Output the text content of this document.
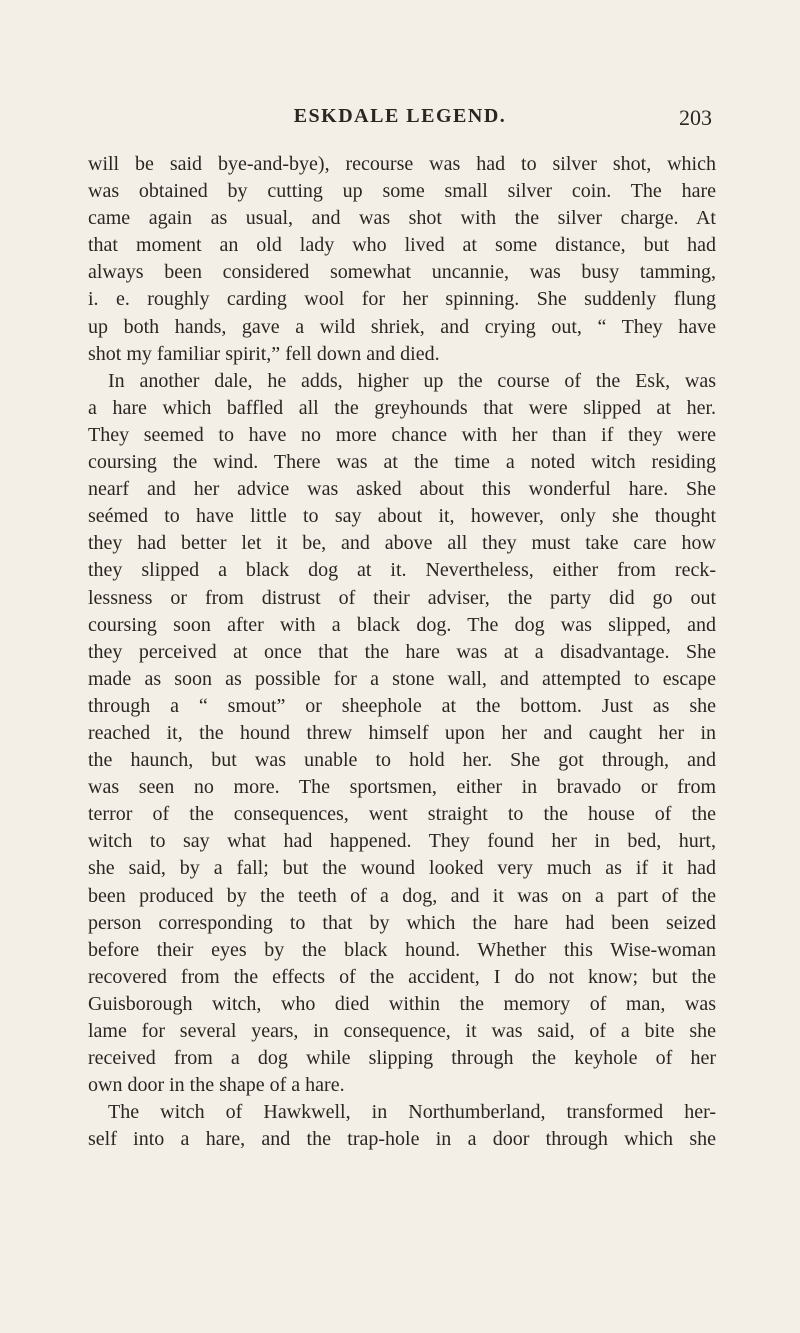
ESKDALE LEGEND.	203
will be said bye-and-bye), recourse was had to silver shot, which
was obtained by cutting up some small silver coin. The hare
came again as usual, and was shot with the silver charge. At
that moment an old lady who lived at some distance, but had
always been considered somewhat uncannie, was busy tamming,
i. e. roughly carding wool for her spinning. She suddenly flung
up both hands, gave a wild shriek, and crying out, “ They have
shot my familiar spirit,” fell down and died.
In another dale, he adds, higher up the course of the Esk, was
a hare which baffled all the greyhounds that were slipped at her.
They seemed to have no more chance with her than if they were
coursing the wind. There was at the time a noted witch residing
nearf and her advice was asked about this wonderful hare. She
seémed to have little to say about it, however, only she thought
they had better let it be, and above all they must take care how
they slipped a black dog at it. Nevertheless, either from reck-
lessness or from distrust of their adviser, the party did go out
coursing soon after with a black dog. The dog was slipped, and
they perceived at once that the hare was at a disadvantage. She
made as soon as possible for a stone wall, and attempted to escape
through a “ smout” or sheephole at the bottom. Just as she
reached it, the hound threw himself upon her and caught her in
the haunch, but was unable to hold her. She got through, and
was seen no more. The sportsmen, either in bravado or from
terror of the consequences, went straight to the house of the
witch to say what had happened. They found her in bed, hurt,
she said, by a fall; but the wound looked very much as if it had
been produced by the teeth of a dog, and it was on a part of the
person corresponding to that by which the hare had been seized
before their eyes by the black hound. Whether this Wise-woman
recovered from the effects of the accident, I do not know; but the
Guisborough witch, who died within the memory of man, was
lame for several years, in consequence, it was said, of a bite she
received from a dog while slipping through the keyhole of her
own door in the shape of a hare.
The witch of Hawkwell, in Northumberland, transformed her-
self into a hare, and the trap-hole in a door through which she
